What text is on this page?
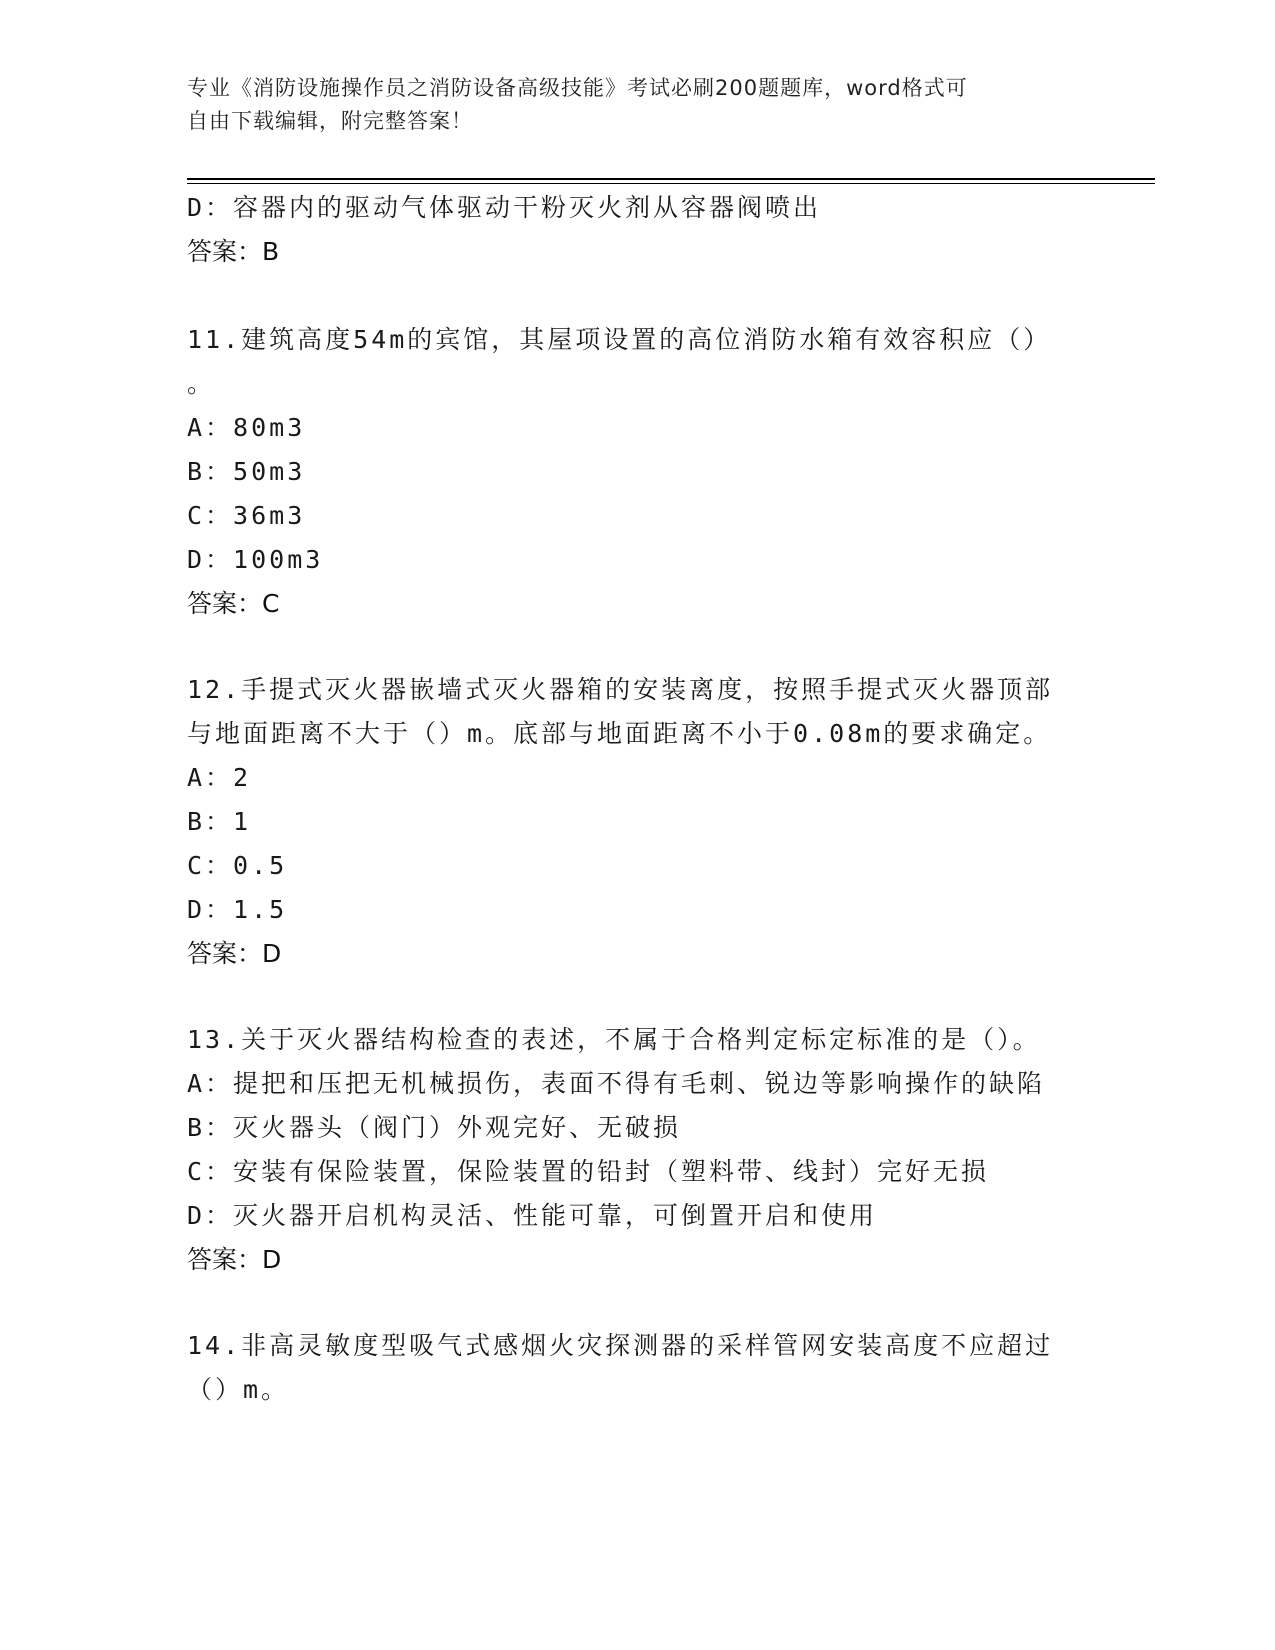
专业《消防设施操作员之消防设备高级技能》考试必刷200题题库，word格式可
自由下载编辑，附完整答案！
D：容器内的驱动气体驱动干粉灭火剂从容器阀喷出
答案：B
11.建筑高度54m的宾馆，其屋项设置的高位消防水箱有效容积应（）
。
A：80m3
B：50m3
C：36m3
D：100m3
答案：C
12.手提式灭火器嵌墙式灭火器箱的安装离度，按照手提式灭火器顶部
与地面距离不大于（）m。底部与地面距离不小于0.08m的要求确定。
A：2
B：1
C：0.5
D：1.5
答案：D
13.关于灭火器结构检查的表述，不属于合格判定标定标准的是（）。
A：提把和压把无机械损伤，表面不得有毛刺、锐边等影响操作的缺陷
B：灭火器头（阀门）外观完好、无破损
C：安装有保险装置，保险装置的铅封（塑料带、线封）完好无损
D：灭火器开启机构灵活、性能可靠，可倒置开启和使用
答案：D
14.非高灵敏度型吸气式感烟火灾探测器的采样管网安装高度不应超过
（）m。
